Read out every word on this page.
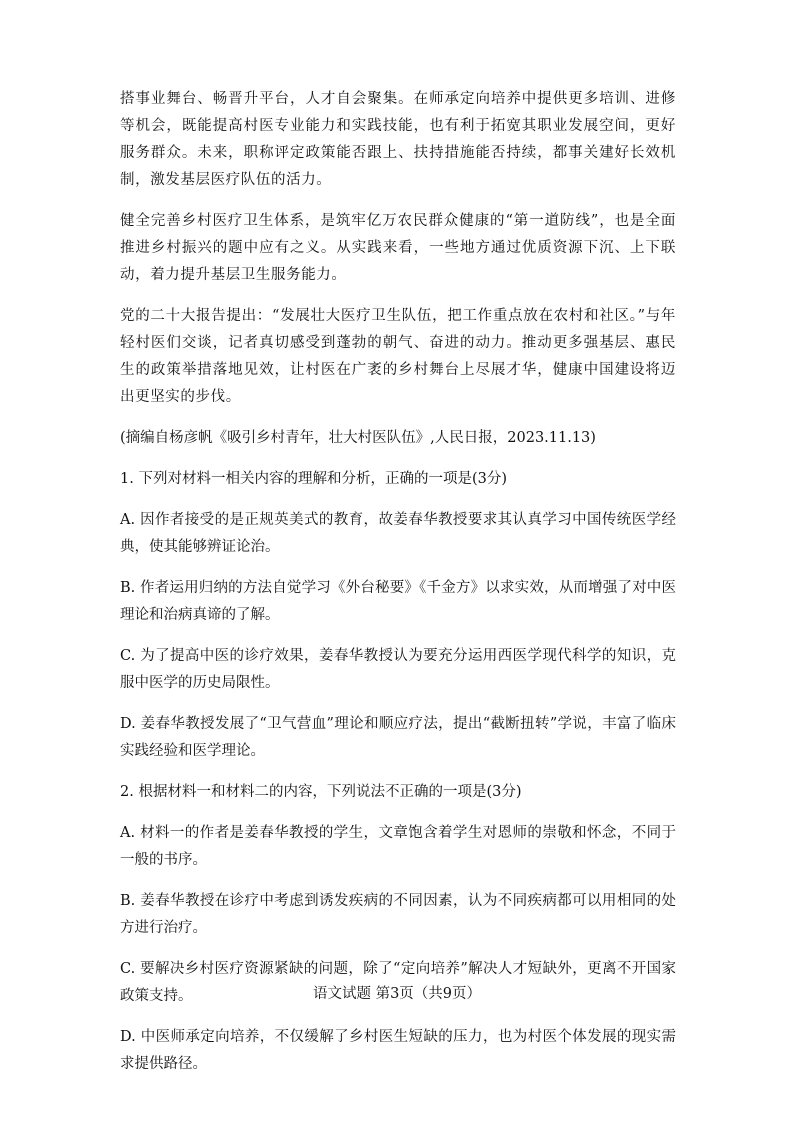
搭事业舞台、畅晋升平台，人才自会聚集。在师承定向培养中提供更多培训、进修等机会，既能提高村医专业能力和实践技能，也有利于拓宽其职业发展空间，更好服务群众。未来，职称评定政策能否跟上、扶持措施能否持续，都事关建好长效机制，激发基层医疗队伍的活力。

健全完善乡村医疗卫生体系，是筑牢亿万农民群众健康的“第一道防线”，也是全面推进乡村振兴的题中应有之义。从实践来看，一些地方通过优质资源下沉、上下联动，着力提升基层卫生服务能力。

党的二十大报告提出：“发展壮大医疗卫生队伍，把工作重点放在农村和社区。”与年轻村医们交谈，记者真切感受到蓬勃的朝气、奋进的动力。推动更多强基层、惠民生的政策举措落地见效，让村医在广袤的乡村舞台上尽展才华，健康中国建设将迈出更坚实的步伐。

(摘编自杨彦帆《吸引乡村青年，壮大村医队伍》,人民日报，2023.11.13)

1. 下列对材料一相关内容的理解和分析，正确的一项是(3分)

A. 因作者接受的是正规英美式的教育，故姜春华教授要求其认真学习中国传统医学经典，使其能够辨证论治。

B. 作者运用归纳的方法自觉学习《外台秘要》《千金方》以求实效，从而增强了对中医理论和治病真谛的了解。

C. 为了提高中医的诊疗效果，姜春华教授认为要充分运用西医学现代科学的知识，克服中医学的历史局限性。

D. 姜春华教授发展了“卫气营血”理论和顺应疗法，提出“截断扭转”学说，丰富了临床实践经验和医学理论。

2. 根据材料一和材料二的内容，下列说法不正确的一项是(3分)

A. 材料一的作者是姜春华教授的学生，文章饱含着学生对恩师的崇敬和怀念，不同于一般的书序。

B. 姜春华教授在诊疗中考虑到诱发疾病的不同因素，认为不同疾病都可以用相同的处方进行治疗。

C. 要解决乡村医疗资源紧缺的问题，除了“定向培养”解决人才短缺外，更离不开国家政策支持。

D. 中医师承定向培养，不仅缓解了乡村医生短缺的压力，也为村医个体发展的现实需求提供路径。

语文试题 第3页（共9页）
